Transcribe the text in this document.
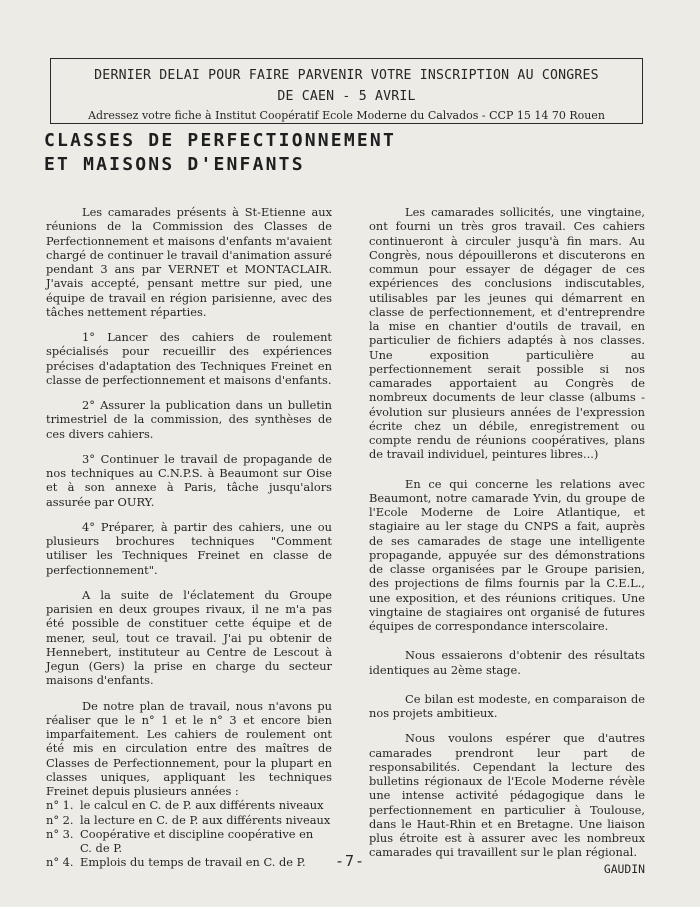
DERNIER DELAI POUR FAIRE PARVENIR VOTRE INSCRIPTION AU CONGRES
DE CAEN - 5 AVRIL
Adressez votre fiche à Institut Coopératif Ecole Moderne du Calvados - CCP 15 14 70 Rouen
CLASSES DE PERFECTIONNEMENT
ET MAISONS D'ENFANTS

Les camarades présents à St-Etienne aux réunions de la Commission des Classes de Perfectionnement et maisons d'enfants m'avaient chargé de continuer le travail d'animation assuré pendant 3 ans par VERNET et MONTACLAIR. J'avais accepté, pensant mettre sur pied, une équipe de travail en région parisienne, avec des tâches nettement réparties.

1° Lancer des cahiers de roulement spécialisés pour recueillir des expériences précises d'adaptation des Techniques Freinet en classe de perfectionnement et maisons d'enfants.

2° Assurer la publication dans un bulletin trimestriel de la commission, des synthèses de ces divers cahiers.

3° Continuer le travail de propagande de nos techniques au C.N.P.S. à Beaumont sur Oise et à son annexe à Paris, tâche jusqu'alors assurée par OURY.

4° Préparer, à partir des cahiers, une ou plusieurs brochures techniques "Comment utiliser les Techniques Freinet en classe de perfectionnement".

A la suite de l'éclatement du Groupe parisien en deux groupes rivaux, il ne m'a pas été possible de constituer cette équipe et de mener, seul, tout ce travail. J'ai pu obtenir de Hennebert, instituteur au Centre de Lescout à Jegun (Gers) la prise en charge du secteur maisons d'enfants.

De notre plan de travail, nous n'avons pu réaliser que le n° 1 et le n° 3 et encore bien imparfaitement. Les cahiers de roulement ont été mis en circulation entre des maîtres de Classes de Perfectionnement, pour la plupart en classes uniques, appliquant les techniques Freinet depuis plusieurs années :

n° 1. le calcul en C. de P. aux différents niveaux
n° 2. la lecture en C. de P. aux différents niveaux
n° 3. Coopérative et discipline coopérative en
C. de P.
n° 4. Emplois du temps de travail en C. de P.

Les camarades sollicités, une vingtaine, ont fourni un très gros travail. Ces cahiers continueront à circuler jusqu'à fin mars. Au Congrès, nous dépouillerons et discuterons en commun pour essayer de dégager de ces expériences des conclusions indiscutables, utilisables par les jeunes qui démarrent en classe de perfectionnement, et d'entreprendre la mise en chantier d'outils de travail, en particulier de fichiers adaptés à nos classes. Une exposition particulière au perfectionnement serait possible si nos camarades apportaient au Congrès de nombreux documents de leur classe (albums - évolution sur plusieurs années de l'expression écrite chez un débile, enregistrement ou compte rendu de réunions coopératives, plans de travail individuel, peintures libres...)

En ce qui concerne les relations avec Beaumont, notre camarade Yvin, du groupe de l'Ecole Moderne de Loire Atlantique, et stagiaire au ler stage du CNPS a fait, auprès de ses camarades de stage une intelligente propagande, appuyée sur des démonstrations de classe organisées par le Groupe parisien, des projections de films fournis par la C.E.L., une exposition, et des réunions critiques. Une vingtaine de stagiaires ont organisé de futures équipes de correspondance interscolaire.

Nous essaierons d'obtenir des résultats identiques au 2ème stage.

Ce bilan est modeste, en comparaison de nos projets ambitieux.

Nous voulons espérer que d'autres camarades prendront leur part de responsabilités. Cependant la lecture des bulletins régionaux de l'Ecole Moderne révèle une intense activité pédagogique dans le perfectionnement en particulier à Toulouse, dans le Haut-Rhin et en Bretagne. Une liaison plus étroite est à assurer avec les nombreux camarades qui travaillent sur le plan régional.

GAUDIN
-7-
